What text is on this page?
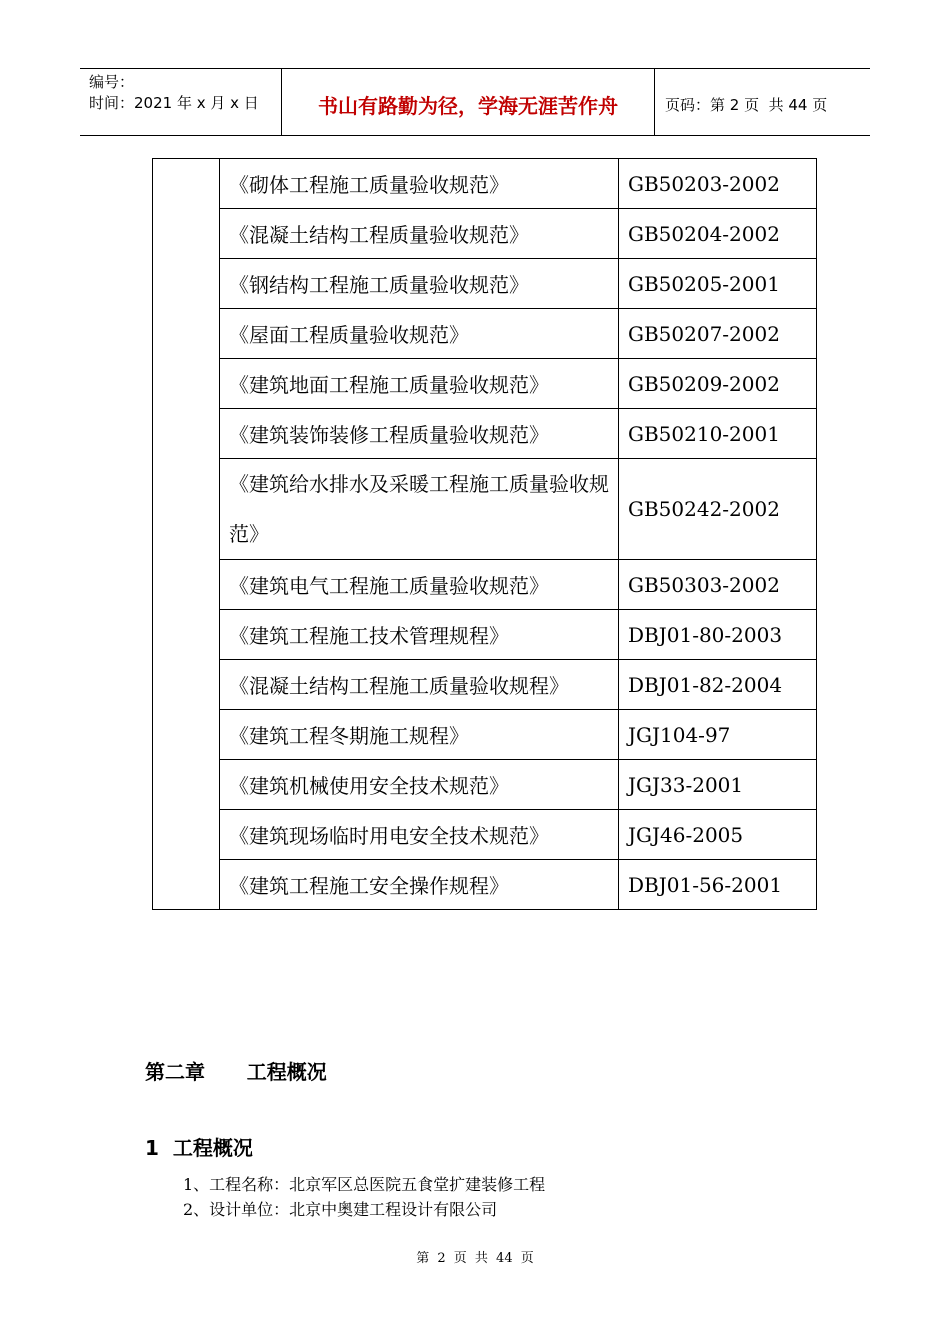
编号：
时间：2021 年 x 月 x 日	书山有路勤为径，学海无涯苦作舟	页码：第 2 页  共 44 页
	《砌体工程施工质量验收规范》	GB50203-2002
	《混凝土结构工程质量验收规范》	GB50204-2002
	《钢结构工程施工质量验收规范》	GB50205-2001
	《屋面工程质量验收规范》	GB50207-2002
	《建筑地面工程施工质量验收规范》	GB50209-2002
	《建筑装饰装修工程质量验收规范》	GB50210-2001
	《建筑给水排水及采暖工程施工质量验收规范》	GB50242-2002
	《建筑电气工程施工质量验收规范》	GB50303-2002
	《建筑工程施工技术管理规程》	DBJ01-80-2003
	《混凝土结构工程施工质量验收规程》	DBJ01-82-2004
	《建筑工程冬期施工规程》	JGJ104-97
	《建筑机械使用安全技术规范》	JGJ33-2001
	《建筑现场临时用电安全技术规范》	JGJ46-2005
	《建筑工程施工安全操作规程》	DBJ01-56-2001
第二章      工程概况
1  工程概况
1、工程名称：北京军区总医院五食堂扩建装修工程
2、设计单位：北京中奥建工程设计有限公司
第 2 页 共 44 页
